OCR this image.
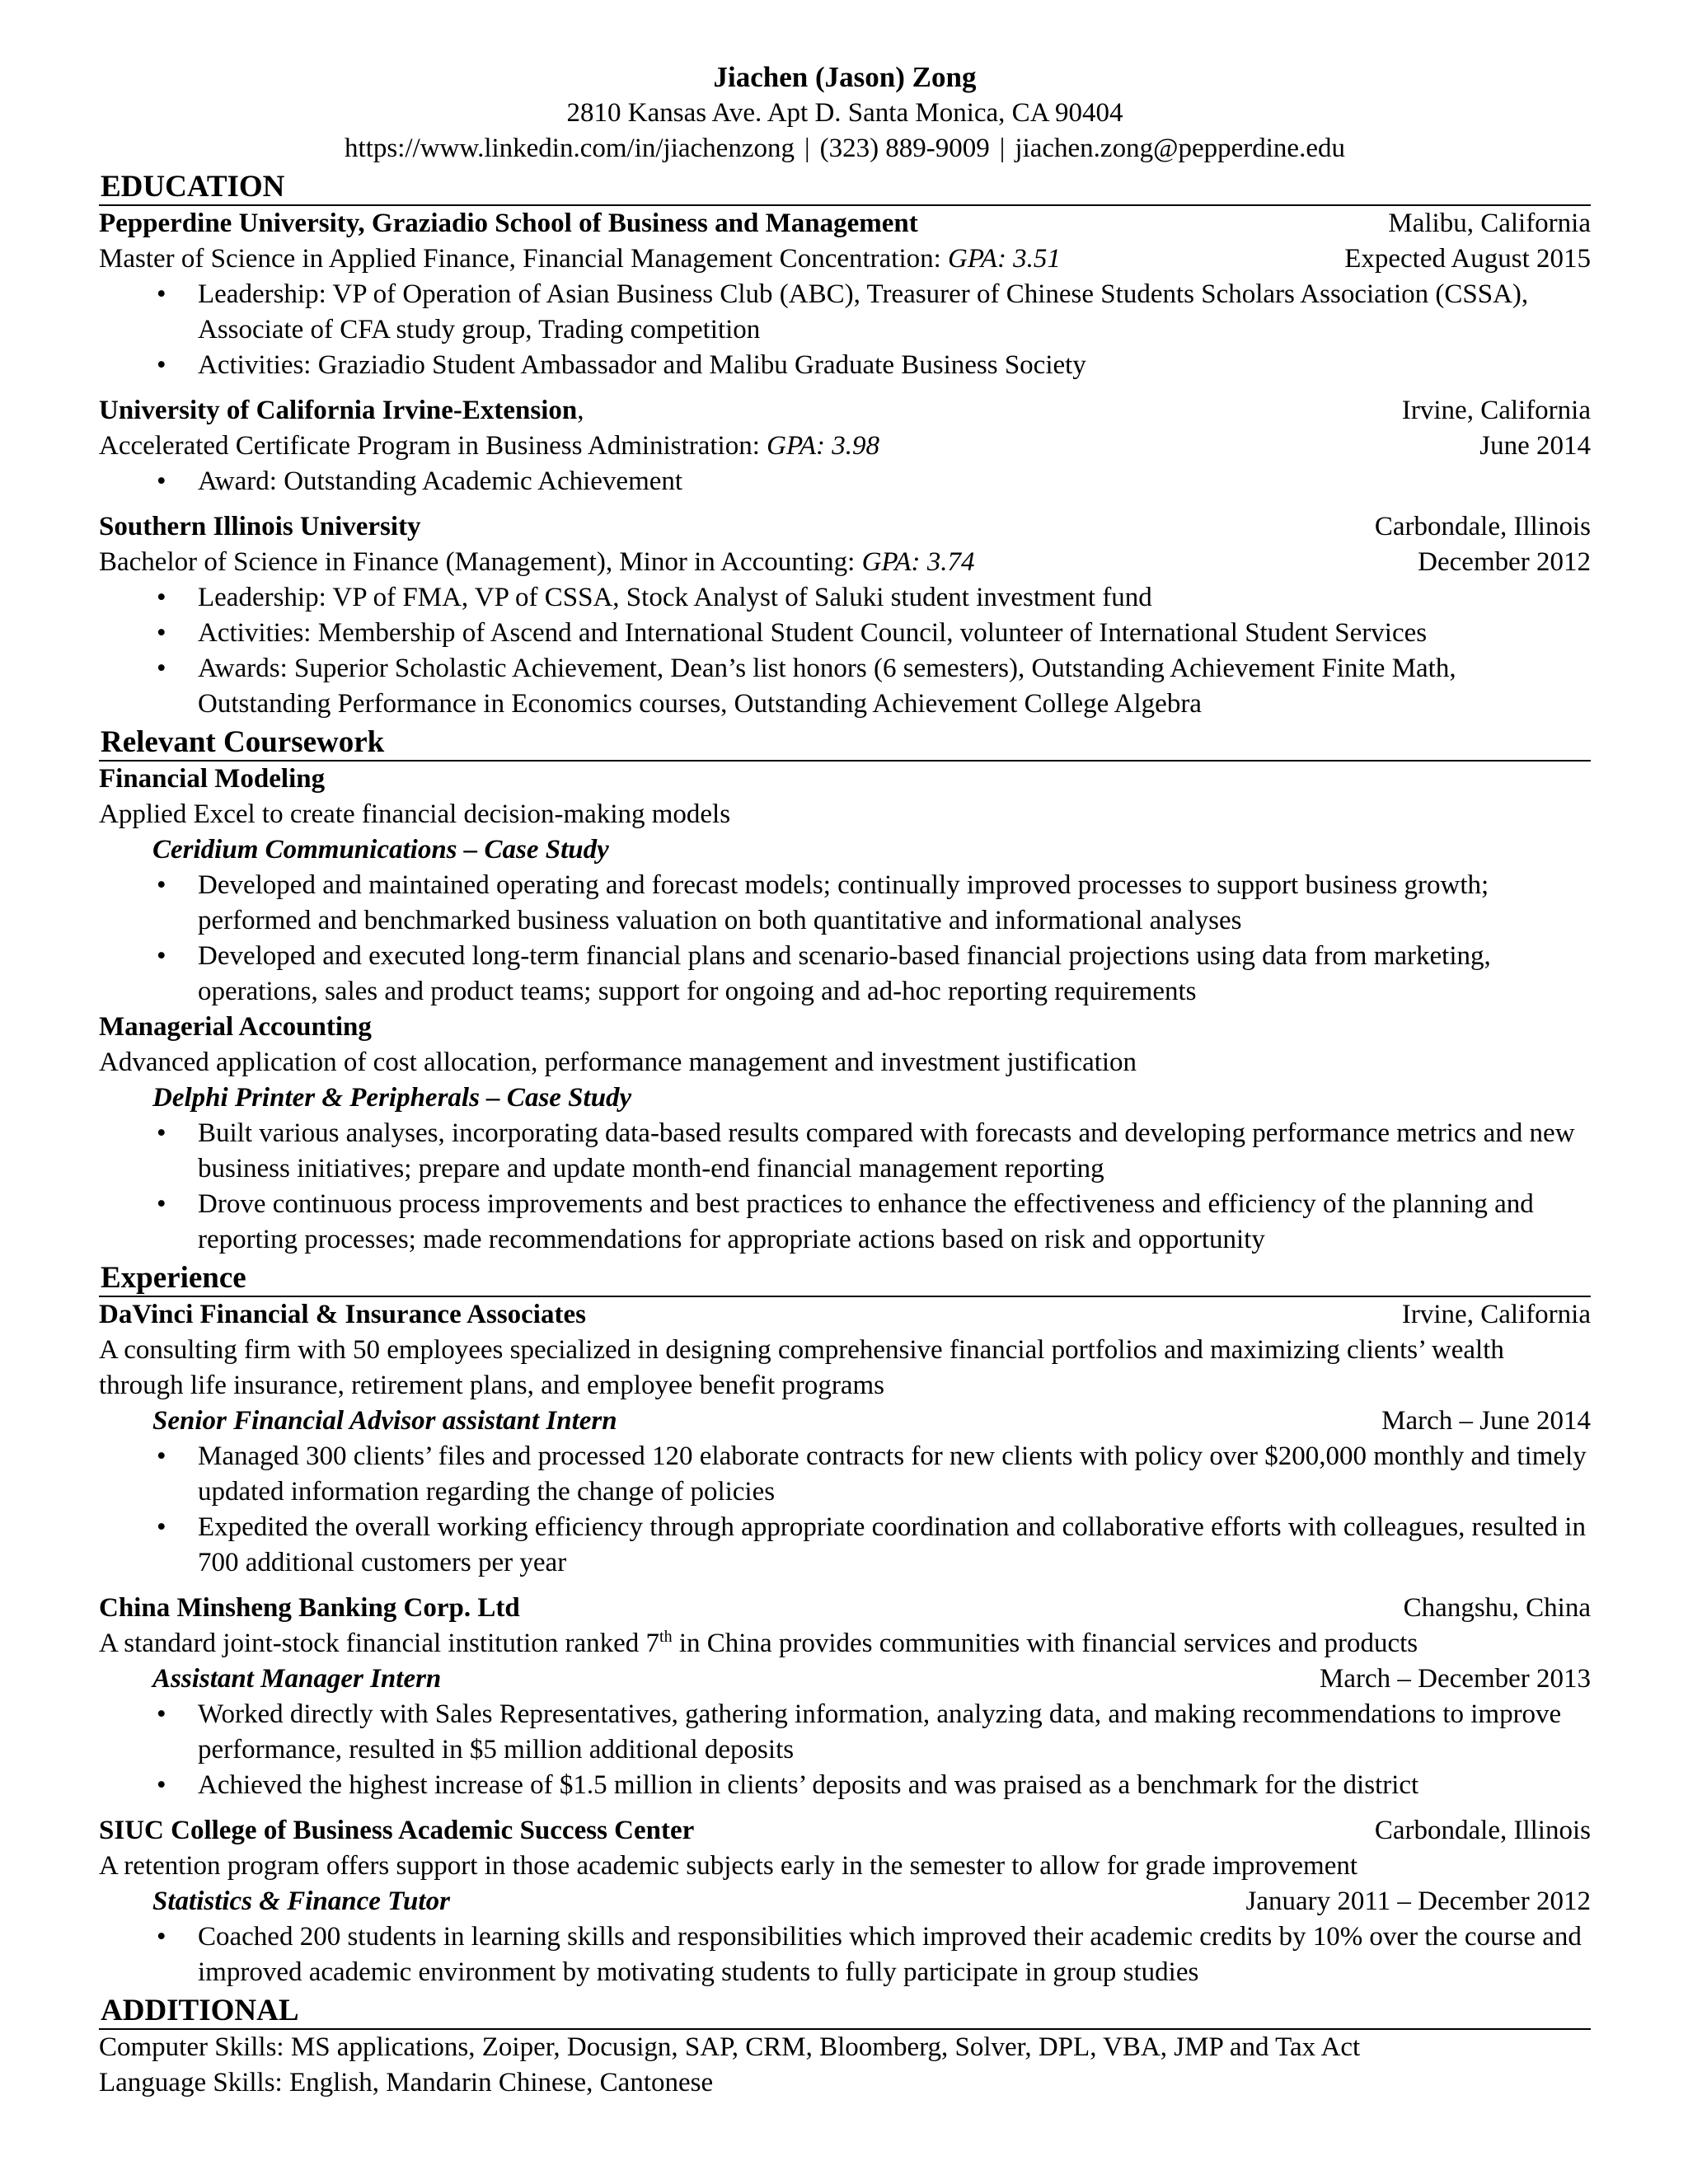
Jiachen (Jason) Zong
2810 Kansas Ave. Apt D. Santa Monica, CA 90404
https://www.linkedin.com/in/jiachenzong | (323) 889-9009 | jiachen.zong@pepperdine.edu
EDUCATION
Pepperdine University, Graziadio School of Business and Management	Malibu, California
Master of Science in Applied Finance, Financial Management Concentration: GPA: 3.51	Expected August 2015
• Leadership: VP of Operation of Asian Business Club (ABC), Treasurer of Chinese Students Scholars Association (CSSA), Associate of CFA study group, Trading competition
• Activities: Graziadio Student Ambassador and Malibu Graduate Business Society
University of California Irvine-Extension,	Irvine, California
Accelerated Certificate Program in Business Administration: GPA: 3.98	June 2014
• Award: Outstanding Academic Achievement
Southern Illinois University	Carbondale, Illinois
Bachelor of Science in Finance (Management), Minor in Accounting: GPA: 3.74	December 2012
• Leadership: VP of FMA, VP of CSSA, Stock Analyst of Saluki student investment fund
• Activities: Membership of Ascend and International Student Council, volunteer of International Student Services
• Awards: Superior Scholastic Achievement, Dean’s list honors (6 semesters), Outstanding Achievement Finite Math, Outstanding Performance in Economics courses, Outstanding Achievement College Algebra
Relevant Coursework
Financial Modeling
Applied Excel to create financial decision-making models
Ceridium Communications – Case Study
• Developed and maintained operating and forecast models; continually improved processes to support business growth; performed and benchmarked business valuation on both quantitative and informational analyses
• Developed and executed long-term financial plans and scenario-based financial projections using data from marketing, operations, sales and product teams; support for ongoing and ad-hoc reporting requirements
Managerial Accounting
Advanced application of cost allocation, performance management and investment justification
Delphi Printer & Peripherals – Case Study
• Built various analyses, incorporating data-based results compared with forecasts and developing performance metrics and new business initiatives; prepare and update month-end financial management reporting
• Drove continuous process improvements and best practices to enhance the effectiveness and efficiency of the planning and reporting processes; made recommendations for appropriate actions based on risk and opportunity
Experience
DaVinci Financial & Insurance Associates	Irvine, California
A consulting firm with 50 employees specialized in designing comprehensive financial portfolios and maximizing clients’ wealth through life insurance, retirement plans, and employee benefit programs
Senior Financial Advisor assistant Intern	March – June 2014
• Managed 300 clients’ files and processed 120 elaborate contracts for new clients with policy over $200,000 monthly and timely updated information regarding the change of policies
• Expedited the overall working efficiency through appropriate coordination and collaborative efforts with colleagues, resulted in 700 additional customers per year
China Minsheng Banking Corp. Ltd	Changshu, China
A standard joint-stock financial institution ranked 7th in China provides communities with financial services and products
Assistant Manager Intern	March – December 2013
• Worked directly with Sales Representatives, gathering information, analyzing data, and making recommendations to improve performance, resulted in $5 million additional deposits
• Achieved the highest increase of $1.5 million in clients’ deposits and was praised as a benchmark for the district
SIUC College of Business Academic Success Center	Carbondale, Illinois
A retention program offers support in those academic subjects early in the semester to allow for grade improvement
Statistics & Finance Tutor	January 2011 – December 2012
• Coached 200 students in learning skills and responsibilities which improved their academic credits by 10% over the course and improved academic environment by motivating students to fully participate in group studies
ADDITIONAL
Computer Skills: MS applications, Zoiper, Docusign, SAP, CRM, Bloomberg, Solver, DPL, VBA, JMP and Tax Act
Language Skills: English, Mandarin Chinese, Cantonese
